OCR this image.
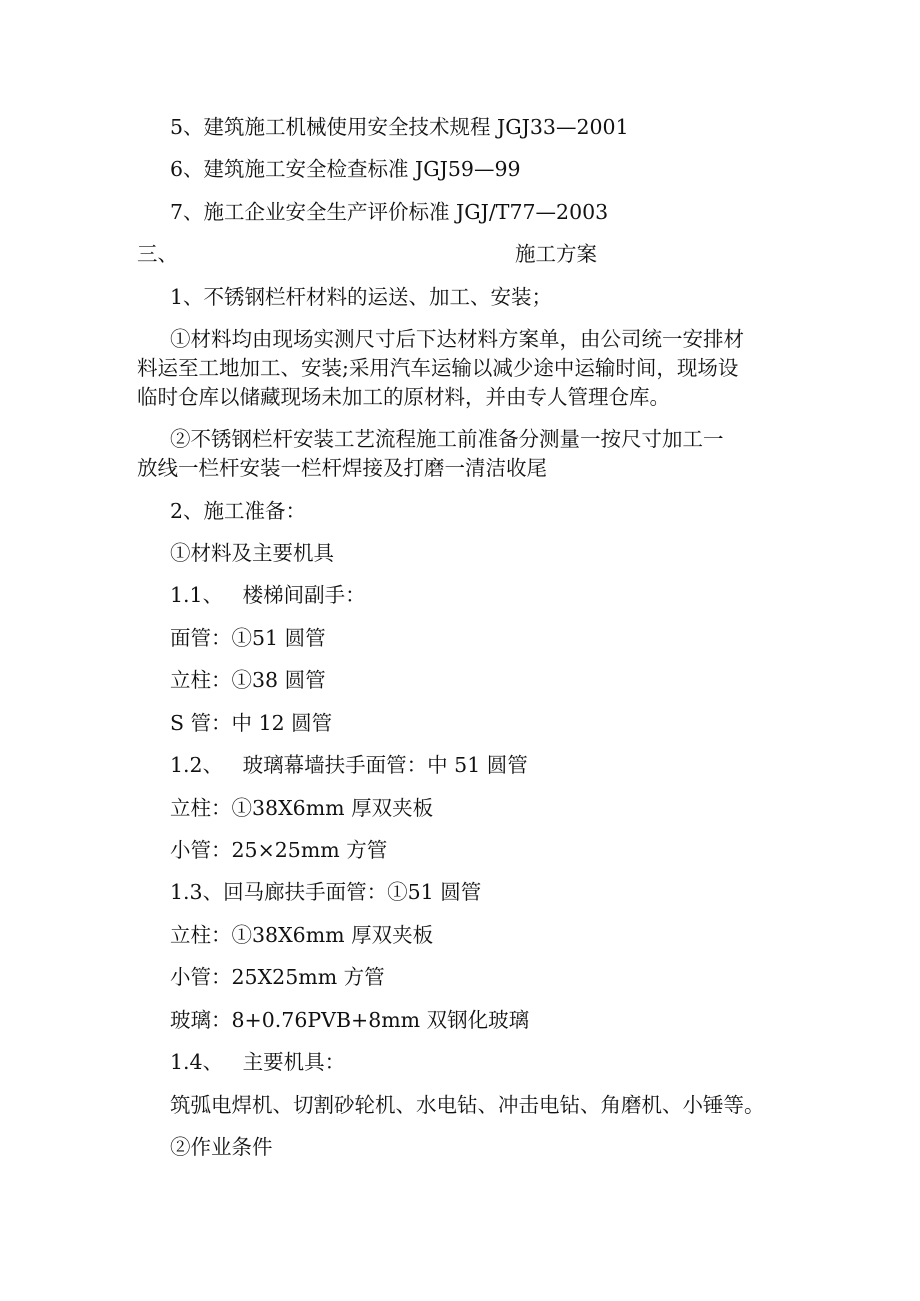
5、建筑施工机械使用安全技术规程 JGJ33—2001
6、建筑施工安全检查标准 JGJ59—99
7、施工企业安全生产评价标准 JGJ/T77—2003
三、	施工方案
1、不锈钢栏杆材料的运送、加工、安装；
①材料均由现场实测尺寸后下达材料方案单，由公司统一安排材
料运至工地加工、安装;采用汽车运输以减少途中运输时间，现场设
临时仓库以储藏现场未加工的原材料，并由专人管理仓库。
②不锈钢栏杆安装工艺流程施工前准备分测量一按尺寸加工一
放线一栏杆安装一栏杆焊接及打磨一清洁收尾
2、施工准备：
①材料及主要机具
1.1、   楼梯间副手：
面管：①51 圆管
立柱：①38 圆管
S 管：中 12 圆管
1.2、   玻璃幕墙扶手面管：中 51 圆管
立柱：①38X6mm 厚双夹板
小管：25×25mm 方管
1.3、回马廊扶手面管：①51 圆管
立柱：①38X6mm 厚双夹板
小管：25X25mm 方管
玻璃：8+0.76PVB+8mm 双钢化玻璃
1.4、   主要机具：
筑弧电焊机、切割砂轮机、水电钻、冲击电钻、角磨机、小锤等。
②作业条件
